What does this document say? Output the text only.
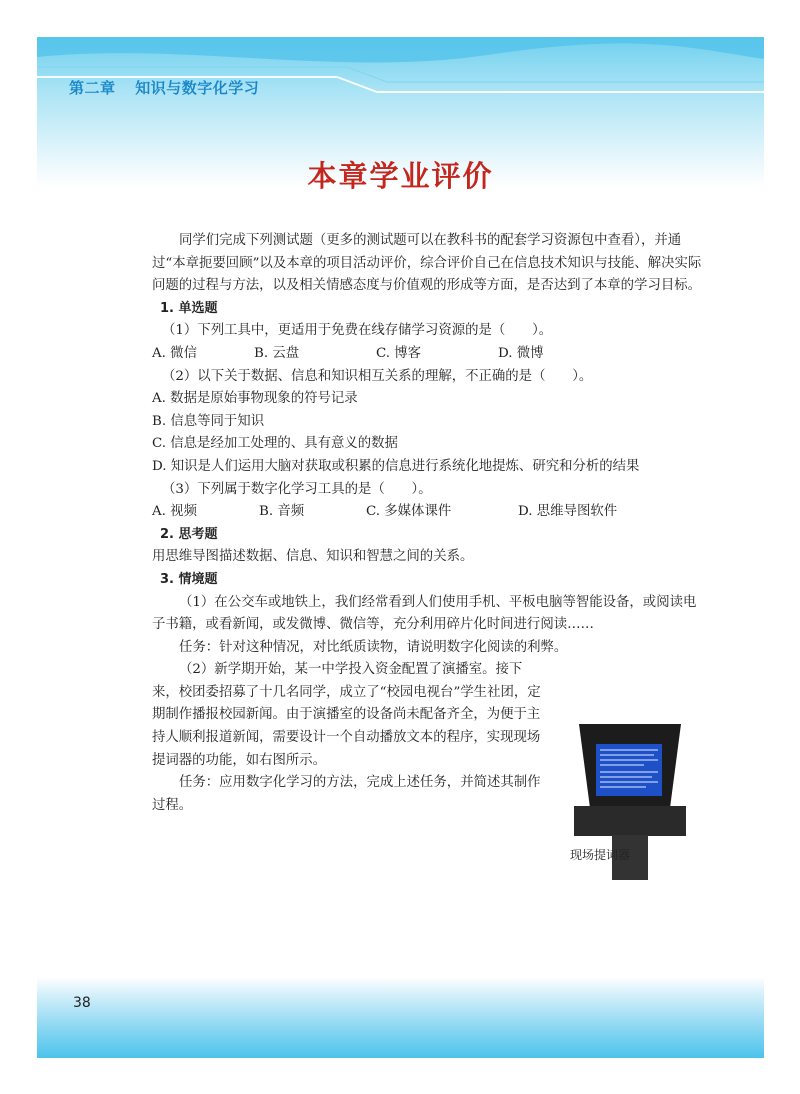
第二章 知识与数字化学习
本章学业评价

同学们完成下列测试题（更多的测试题可以在教科书的配套学习资源包中查看），并通过“本章扼要回顾”以及本章的项目活动评价，综合评价自己在信息技术知识与技能、解决实际问题的过程与方法，以及相关情感态度与价值观的形成等方面，是否达到了本章的学习目标。

1. 单选题

（1）下列工具中，更适用于免费在线存储学习资源的是（　　）。

A. 微信	B. 云盘	C. 博客	D. 微博

（2）以下关于数据、信息和知识相互关系的理解，不正确的是（　　）。

A. 数据是原始事物现象的符号记录

B. 信息等同于知识

C. 信息是经加工处理的、具有意义的数据

D. 知识是人们运用大脑对获取或积累的信息进行系统化地提炼、研究和分析的结果

（3）下列属于数字化学习工具的是（　　）。

A. 视频	B. 音频	C. 多媒体课件	D. 思维导图软件

2. 思考题

用思维导图描述数据、信息、知识和智慧之间的关系。

3. 情境题

（1）在公交车或地铁上，我们经常看到人们使用手机、平板电脑等智能设备，或阅读电子书籍，或看新闻，或发微博、微信等，充分利用碎片化时间进行阅读……

任务：针对这种情况，对比纸质读物，请说明数字化阅读的利弊。

（2）新学期开始，某一中学投入资金配置了演播室。接下来，校团委招募了十几名同学，成立了“校园电视台”学生社团，定期制作播报校园新闻。由于演播室的设备尚未配备齐全，为便于主持人顺利报道新闻，需要设计一个自动播放文本的程序，实现现场提词器的功能，如右图所示。

任务：应用数字化学习的方法，完成上述任务，并简述其制作过程。

现场提词器
38
